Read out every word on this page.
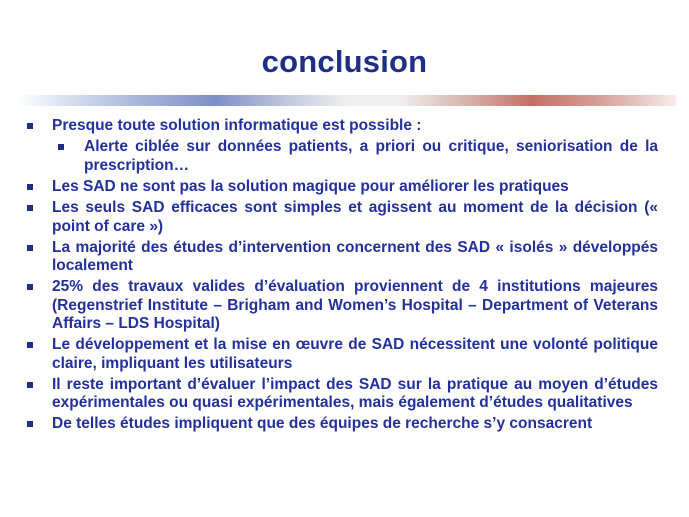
conclusion
Presque toute solution informatique est possible :
Alerte ciblée sur données patients, a priori ou critique, seniorisation de la prescription…
Les SAD ne sont pas la solution magique pour améliorer les pratiques
Les seuls SAD efficaces sont simples et agissent au moment de la décision (« point of care »)
La majorité des études d’intervention concernent des SAD « isolés » développés localement
25% des travaux valides d’évaluation proviennent de 4 institutions majeures (Regenstrief Institute – Brigham and Women’s Hospital – Department of Veterans Affairs – LDS Hospital)
Le développement et la mise en œuvre de SAD nécessitent une volonté politique claire, impliquant les utilisateurs
Il reste important d’évaluer l’impact des SAD sur la pratique au moyen d’études expérimentales ou quasi expérimentales, mais également d’études qualitatives
De telles études impliquent que des équipes de recherche s’y consacrent
